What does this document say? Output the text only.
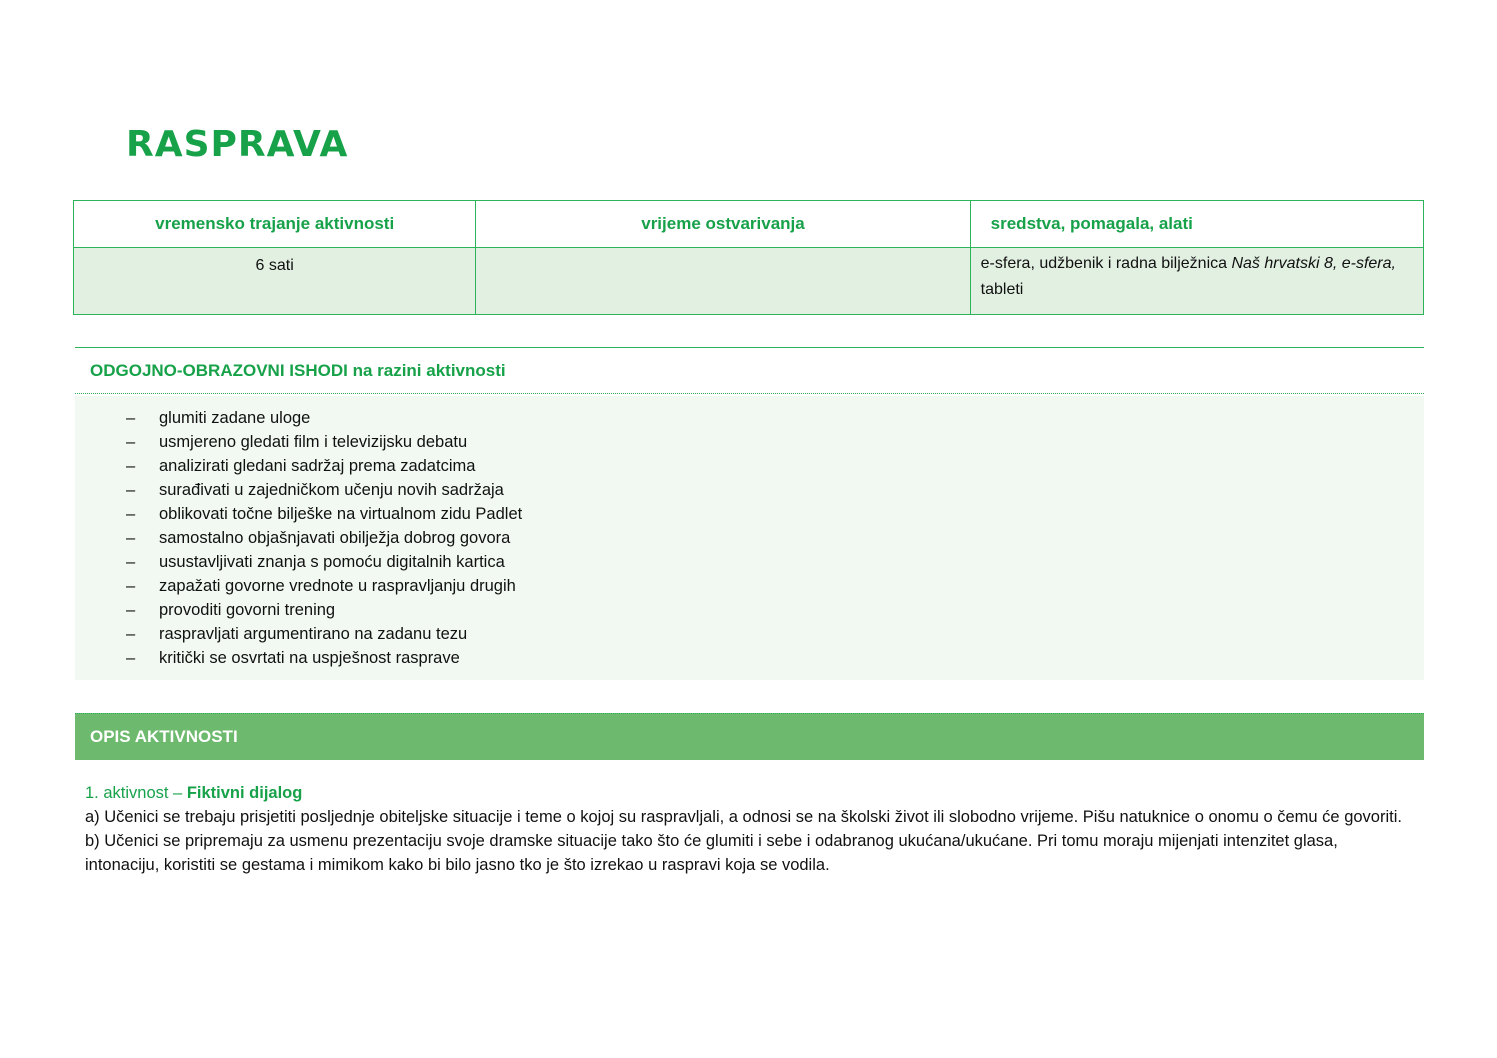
RASPRAVA
vremensko trajanje aktivnosti	vrijeme ostvarivanja	sredstva, pomagala, alati
6 sati		e-sfera, udžbenik i radna bilježnica Naš hrvatski 8, e-sfera, tableti
ODGOJNO-OBRAZOVNI ISHODI na razini aktivnosti
– glumiti zadane uloge
– usmjereno gledati film i televizijsku debatu
– analizirati gledani sadržaj prema zadatcima
– surađivati u zajedničkom učenju novih sadržaja
– oblikovati točne bilješke na virtualnom zidu Padlet
– samostalno objašnjavati obilježja dobrog govora
– usustavljivati znanja s pomoću digitalnih kartica
– zapažati govorne vrednote u raspravljanju drugih
– provoditi govorni trening
– raspravljati argumentirano na zadanu tezu
– kritički se osvrtati na uspješnost rasprave
OPIS AKTIVNOSTI

1. aktivnost – Fiktivni dijalog

a) Učenici se trebaju prisjetiti posljednje obiteljske situacije i teme o kojoj su raspravljali, a odnosi se na školski život ili slobodno vrijeme. Pišu natuknice o onomu o čemu će govoriti.

b) Učenici se pripremaju za usmenu prezentaciju svoje dramske situacije tako što će glumiti i sebe i odabranog ukućana/ukućane. Pri tomu moraju mijenjati intenzitet glasa, intonaciju, koristiti se gestama i mimikom kako bi bilo jasno tko je što izrekao u raspravi koja se vodila.
